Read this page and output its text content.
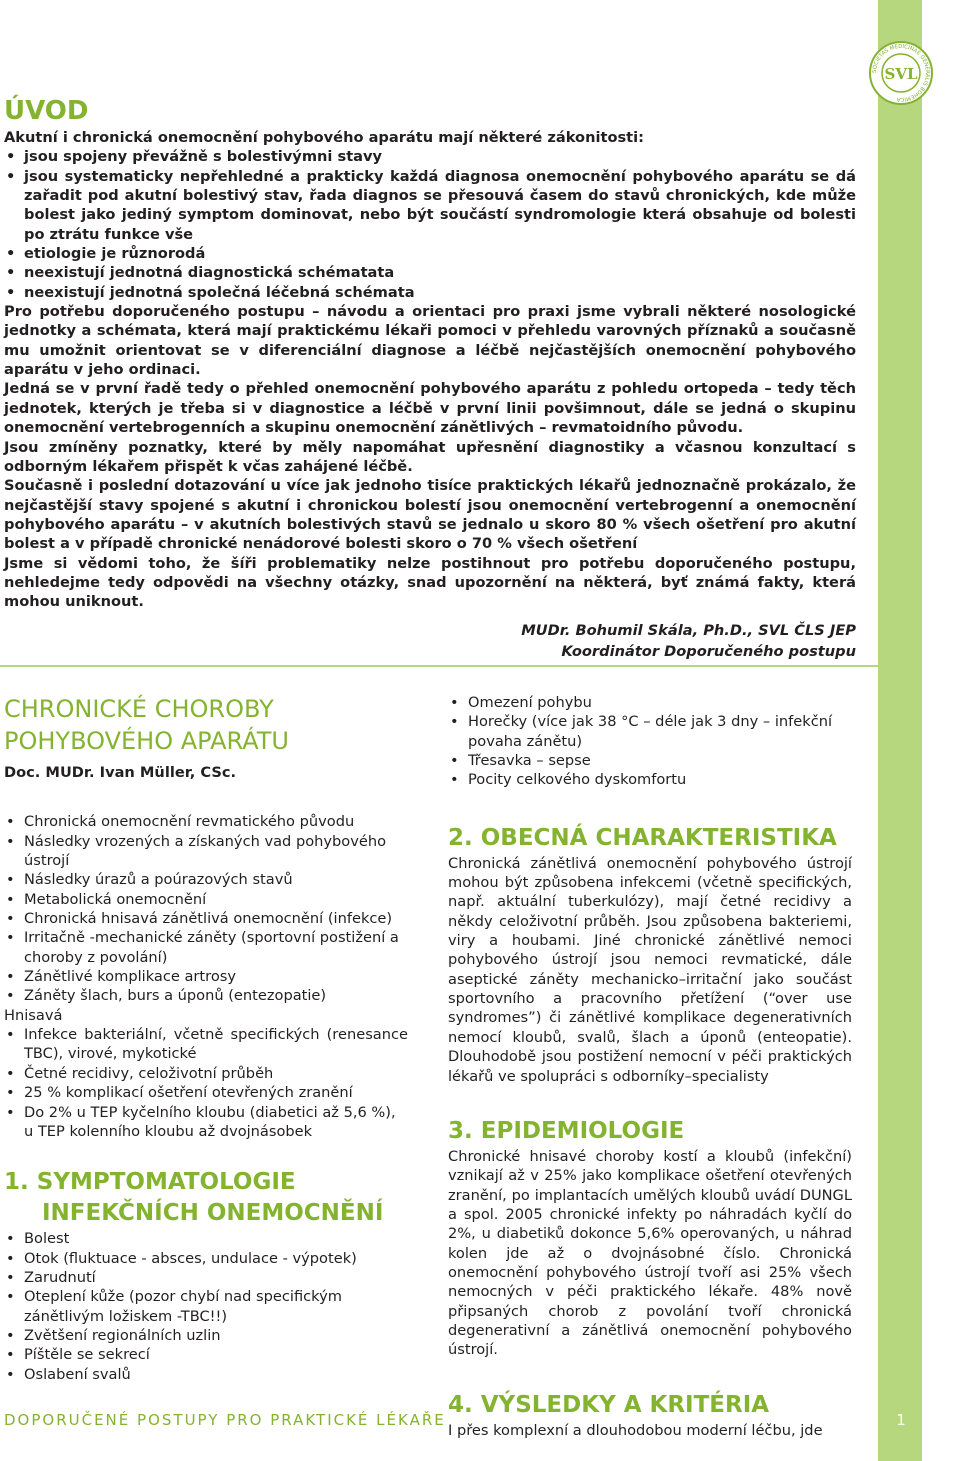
SOCIETAS MEDICINAE GENERALIS BOHEMICA
SVL
ÚVOD

Akutní i chronická onemocnění pohybového aparátu mají některé zákonitosti:

• jsou spojeny převážně s bolestivýmni stavy

• jsou systematicky nepřehledné a prakticky každá diagnosa onemocnění pohybového aparátu se dá zařadit pod akutní bolestivý stav, řada diagnos se přesouvá časem do stavů chronických, kde může bolest jako jediný symptom dominovat, nebo být součástí syndromologie která obsahuje od bolesti po ztrátu funkce vše

• etiologie je různorodá

• neexistují jednotná diagnostická schématata

• neexistují jednotná společná léčebná schémata

Pro potřebu doporučeného postupu – návodu a orientaci pro praxi jsme vybrali některé nosologické jednotky a schémata, která mají praktickému lékaři pomoci v přehledu varovných příznaků a současně mu umožnit orientovat se v diferenciální diagnose a léčbě nejčastějších onemocnění pohybového aparátu v jeho ordinaci.

Jedná se v první řadě tedy o přehled onemocnění pohybového aparátu z pohledu ortopeda – tedy těch jednotek, kterých je třeba si v diagnostice a léčbě v první linii povšimnout, dále se jedná o skupinu onemocnění vertebrogenních a skupinu onemocnění zánětlivých – revmatoidního původu.

Jsou zmíněny poznatky, které by měly napomáhat upřesnění diagnostiky a včasnou konzultací s odborným lékařem přispět k včas zahájené léčbě.

Současně i poslední dotazování u více jak jednoho tisíce praktických lékařů jednoznačně prokázalo, že nejčastější stavy spojené s akutní i chronickou bolestí jsou onemocnění vertebrogenní a onemocnění pohybového aparátu – v akutních bolestivých stavů se jednalo u skoro 80 % všech ošetření pro akutní bolest a v případě chronické nenádorové bolesti skoro o 70 % všech ošetření

Jsme si vědomi toho, že šíři problematiky nelze postihnout pro potřebu doporučeného postupu, nehledejme tedy odpovědi na všechny otázky, snad upozornění na některá, byť známá fakty, která mohou uniknout.

MUDr. Bohumil Skála, Ph.D., SVL ČLS JEP
Koordinátor Doporučeného postupu
CHRONICKÉ CHOROBY
POHYBOVÉHO APARÁTU
Doc. MUDr. Ivan Müller, CSc.

• Chronická onemocnění revmatického původu

• Následky vrozených a získaných vad pohybového ústrojí

• Následky úrazů a poúrazových stavů

• Metabolická onemocnění

• Chronická hnisavá zánětlivá onemocnění (infekce)

• Irritačně -mechanické záněty (sportovní postižení a choroby z povolání)

• Zánětlivé komplikace artrosy

• Záněty šlach, burs a úponů (entezopatie)

Hnisavá

• Infekce bakteriální, včetně specifických (renesance TBC), virové, mykotické

• Četné recidivy, celoživotní průběh

• 25 % komplikací ošetření otevřených zranění

• Do 2% u TEP kyčelního kloubu (diabetici až 5,6 %), u TEP kolenního kloubu až dvojnásobek

1. SYMPTOMATOLOGIE
INFEKČNÍCH ONEMOCNĚNÍ

• Bolest

• Otok (fluktuace - absces, undulace - výpotek)

• Zarudnutí

• Oteplení kůže (pozor chybí nad specifickým zánětlivým ložiskem -TBC!!)

• Zvětšení regionálních uzlin

• Píštěle se sekrecí

• Oslabení svalů

• Omezení pohybu

• Horečky (více jak 38 °C – déle jak 3 dny – infekční povaha zánětu)

• Třesavka – sepse

• Pocity celkového dyskomfortu

2. OBECNÁ CHARAKTERISTIKA

Chronická zánětlivá onemocnění pohybového ústrojí mohou být způsobena infekcemi (včetně specifických, např. aktuální tuberkulózy), mají četné recidivy a někdy celoživotní průběh. Jsou způsobena bakteriemi, viry a houbami. Jiné chronické zánětlivé nemoci pohybového ústrojí jsou nemoci revmatické, dále aseptické záněty mechanicko–irritační jako součást sportovního a pracovního přetížení (“over use syndromes”) či zánětlivé komplikace degenerativních nemocí kloubů, svalů, šlach a úponů (enteopatie). Dlouhodobě jsou postižení nemocní v péči praktických lékařů ve spolupráci s odborníky–specialisty

3. EPIDEMIOLOGIE

Chronické hnisavé choroby kostí a kloubů (infekční) vznikají až v 25% jako komplikace ošetření otevřených zranění, po implantacích umělých kloubů uvádí DUNGL a spol. 2005 chronické infekty po náhradách kyčlí do 2%, u diabetiků dokonce 5,6% operovaných, u náhrad kolen jde až o dvojnásobné číslo. Chronická onemocnění pohybového ústrojí tvoří asi 25% všech nemocných v péči praktického lékaře. 48% nově připsaných chorob z povolání tvoří chronická degenerativní a zánětlivá onemocnění pohybového ústrojí.

4. VÝSLEDKY A KRITÉRIA

I přes komplexní a dlouhodobou moderní léčbu, jde

DOPORUČENÉ POSTUPY PRO PRAKTICKÉ LÉKAŘE	1
